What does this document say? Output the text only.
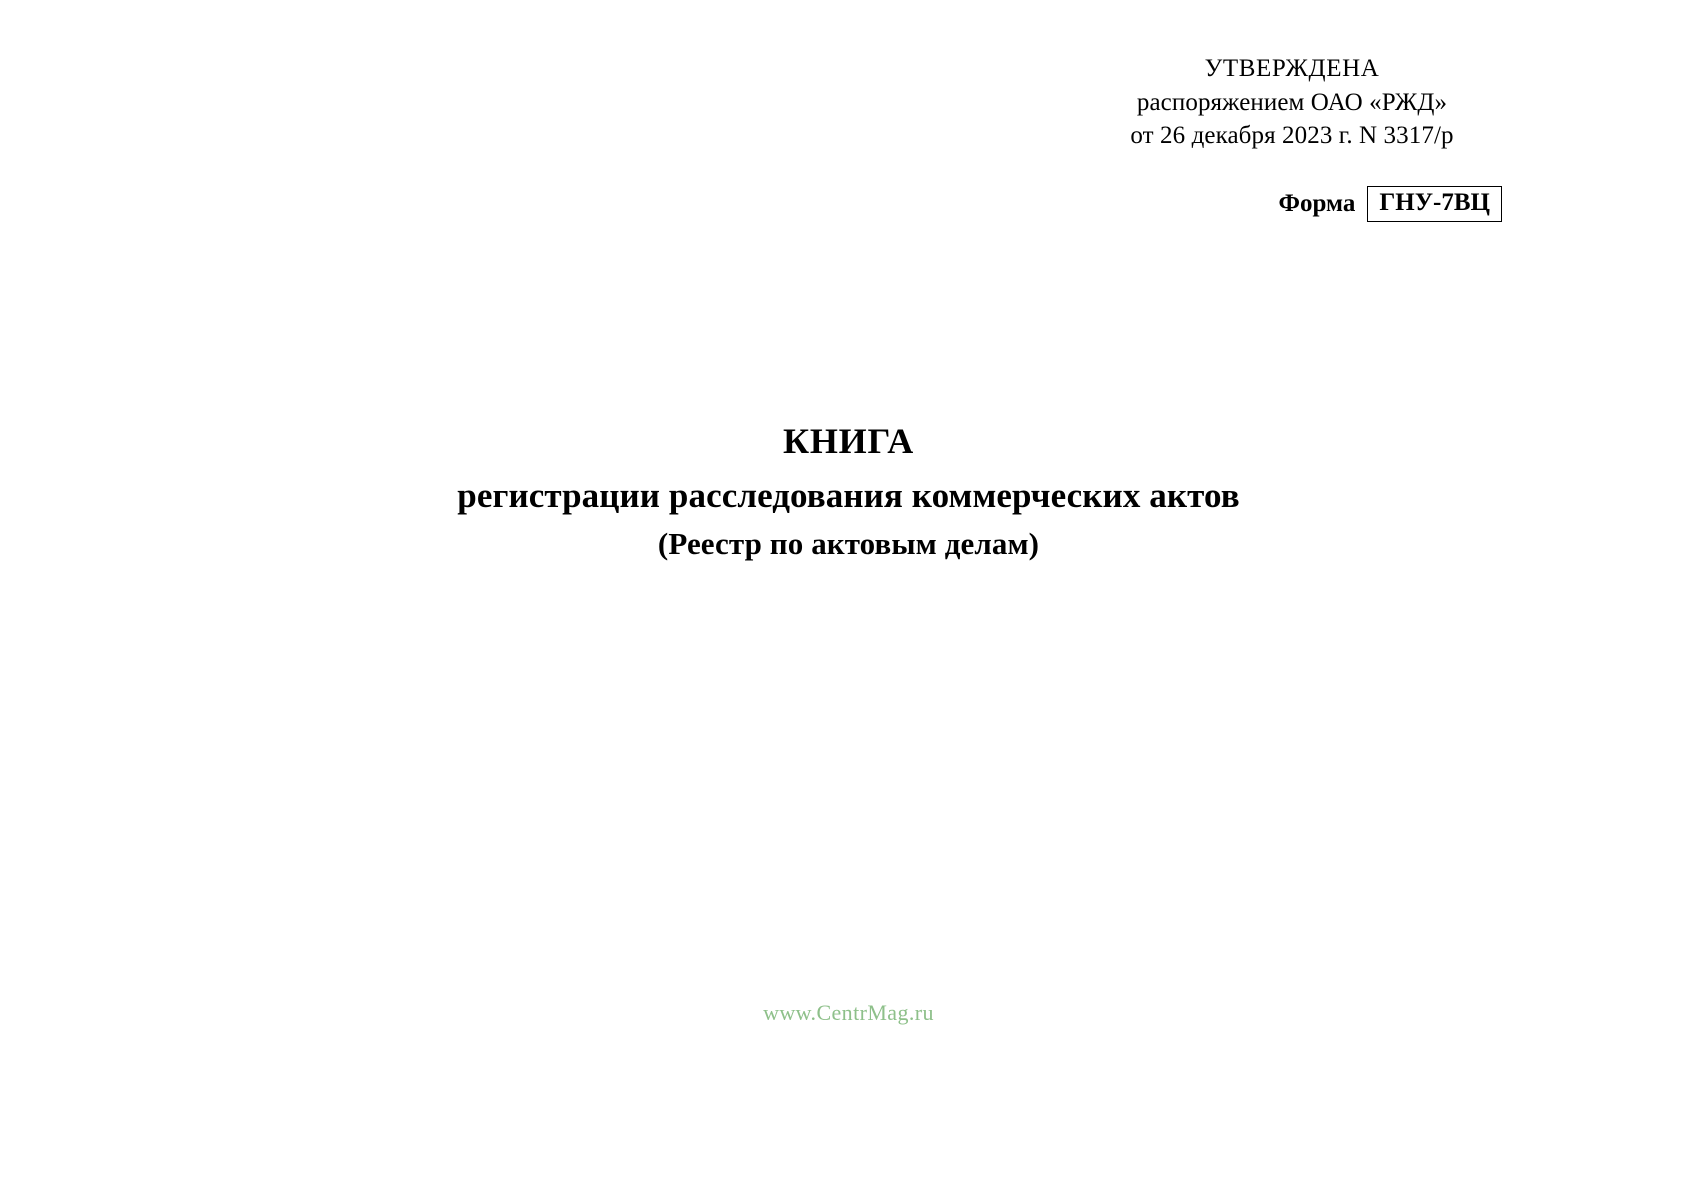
УТВЕРЖДЕНА
распоряжением ОАО «РЖД»
от 26 декабря 2023 г. N 3317/р
Форма ГНУ-7ВЦ
КНИГА
регистрации расследования коммерческих актов
(Реестр по актовым делам)
www.CentrMag.ru
